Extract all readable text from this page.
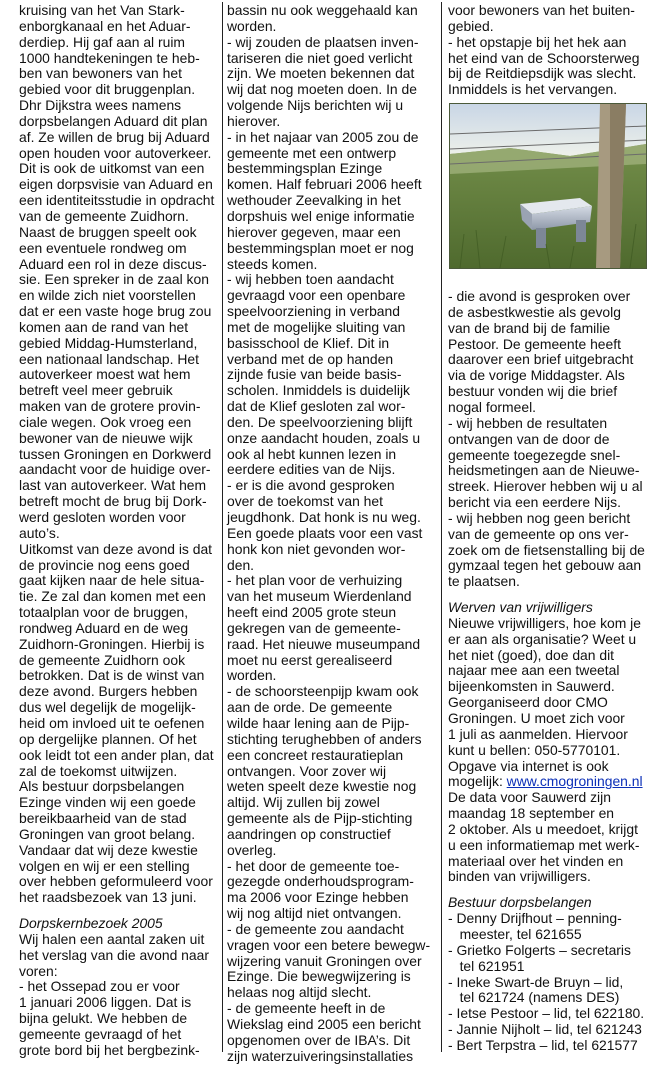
kruising van het Van Stark-
enborgkanaal en het Aduar-
derdiep. Hij gaf aan al ruim
1000 handtekeningen te heb-
ben van bewoners van het
gebied voor dit bruggenplan.
Dhr Dijkstra wees namens
dorpsbelangen Aduard dit plan
af. Ze willen de brug bij Aduard
open houden voor autoverkeer.
Dit is ook de uitkomst van een
eigen dorpsvisie van Aduard en
een identiteitsstudie in opdracht
van de gemeente Zuidhorn.
Naast de bruggen speelt ook
een eventuele rondweg om
Aduard een rol in deze discus-
sie. Een spreker in de zaal kon
en wilde zich niet voorstellen
dat er een vaste hoge brug zou
komen aan de rand van het
gebied Middag-Humsterland,
een nationaal landschap. Het
autoverkeer moest wat hem
betreft veel meer gebruik
maken van de grotere provin-
ciale wegen. Ook vroeg een
bewoner van de nieuwe wijk
tussen Groningen en Dorkwerd
aandacht voor de huidige over-
last van autoverkeer. Wat hem
betreft mocht de brug bij Dork-
werd gesloten worden voor
auto’s.
Uitkomst van deze avond is dat
de provincie nog eens goed
gaat kijken naar de hele situa-
tie. Ze zal dan komen met een
totaalplan voor de bruggen,
rondweg Aduard en de weg
Zuidhorn-Groningen. Hierbij is
de gemeente Zuidhorn ook
betrokken. Dat is de winst van
deze avond. Burgers hebben
dus wel degelijk de mogelijk-
heid om invloed uit te oefenen
op dergelijke plannen. Of het
ook leidt tot een ander plan, dat
zal de toekomst uitwijzen.
Als bestuur dorpsbelangen
Ezinge vinden wij een goede
bereikbaarheid van de stad
Groningen van groot belang.
Vandaar dat wij deze kwestie
volgen en wij er een stelling
over hebben geformuleerd voor
het raadsbezoek van 13 juni.
Dorpskernbezoek 2005
Wij halen een aantal zaken uit
het verslag van die avond naar
voren:
- het Ossepad zou er voor
1 januari 2006 liggen. Dat is
bijna gelukt. We hebben de
gemeente gevraagd of het
grote bord bij het bergbezink-
bassin nu ook weggehaald kan
worden.
- wij zouden de plaatsen inven-
tariseren die niet goed verlicht
zijn. We moeten bekennen dat
wij dat nog moeten doen. In de
volgende Nijs berichten wij u
hierover.
- in het najaar van 2005 zou de
gemeente met een ontwerp
bestemmingsplan Ezinge
komen. Half februari 2006 heeft
wethouder Zeevalking in het
dorpshuis wel enige informatie
hierover gegeven, maar een
bestemmingsplan moet er nog
steeds komen.
- wij hebben toen aandacht
gevraagd voor een openbare
speelvoorziening in verband
met de mogelijke sluiting van
basisschool de Klief. Dit in
verband met de op handen
zijnde fusie van beide basis-
scholen. Inmiddels is duidelijk
dat de Klief gesloten zal wor-
den. De speelvoorziening blijft
onze aandacht houden, zoals u
ook al hebt kunnen lezen in
eerdere edities van de Nijs.
- er is die avond gesproken
over de toekomst van het
jeugdhonk. Dat honk is nu weg.
Een goede plaats voor een vast
honk kon niet gevonden wor-
den.
- het plan voor de verhuizing
van het museum Wierdenland
heeft eind 2005 grote steun
gekregen van de gemeente-
raad. Het nieuwe museumpand
moet nu eerst gerealiseerd
worden.
- de schoorsteenpijp kwam ook
aan de orde. De gemeente
wilde haar lening aan de Pijp-
stichting terughebben of anders
een concreet restauratieplan
ontvangen. Voor zover wij
weten speelt deze kwestie nog
altijd. Wij zullen bij zowel
gemeente als de Pijp-stichting
aandringen op constructief
overleg.
- het door de gemeente toe-
gezegde onderhoudsprogram-
ma 2006 voor Ezinge hebben
wij nog altijd niet ontvangen.
- de gemeente zou aandacht
vragen voor een betere bewegw-
wijzering vanuit Groningen over
Ezinge. Die bewegwijzering is
helaas nog altijd slecht.
- de gemeente heeft in de
Wiekslag eind 2005 een bericht
opgenomen over de IBA’s. Dit
zijn waterzuiveringsinstallaties
voor bewoners van het buiten-
gebied.
- het opstapje bij het hek aan
het eind van de Schoorsterweg
bij de Reitdiepsdijk was slecht.
Inmiddels is het vervangen.
- die avond is gesproken over
de asbestkwestie als gevolg
van de brand bij de familie
Pestoor. De gemeente heeft
daarover een brief uitgebracht
via de vorige Middagster. Als
bestuur vonden wij die brief
nogal formeel.
- wij hebben de resultaten
ontvangen van de door de
gemeente toegezegde snel-
heidsmetingen aan de Nieuwe-
streek. Hierover hebben wij u al
bericht via een eerdere Nijs.
- wij hebben nog geen bericht
van de gemeente op ons ver-
zoek om de fietsenstalling bij de
gymzaal tegen het gebouw aan
te plaatsen.
Werven van vrijwilligers
Nieuwe vrijwilligers, hoe kom je
er aan als organisatie? Weet u
het niet (goed), doe dan dit
najaar mee aan een tweetal
bijeenkomsten in Sauwerd.
Georganiseerd door CMO
Groningen. U moet zich voor
1 juli as aanmelden. Hiervoor
kunt u bellen: 050-5770101.
Opgave via internet is ook
mogelijk: www.cmogroningen.nl
De data voor Sauwerd zijn
maandag 18 september en
2 oktober. Als u meedoet, krijgt
u een informatiemap met werk-
materiaal over het vinden en
binden van vrijwilligers.
Bestuur dorpsbelangen
- Denny Drijfhout – penning-
meester, tel 621655
- Grietko Folgerts – secretaris
tel 621951
- Ineke Swart-de Bruyn – lid,
tel 621724 (namens DES)
- Ietse Pestoor – lid, tel 622180.
- Jannie Nijholt – lid, tel 621243
- Bert Terpstra – lid, tel 621577
